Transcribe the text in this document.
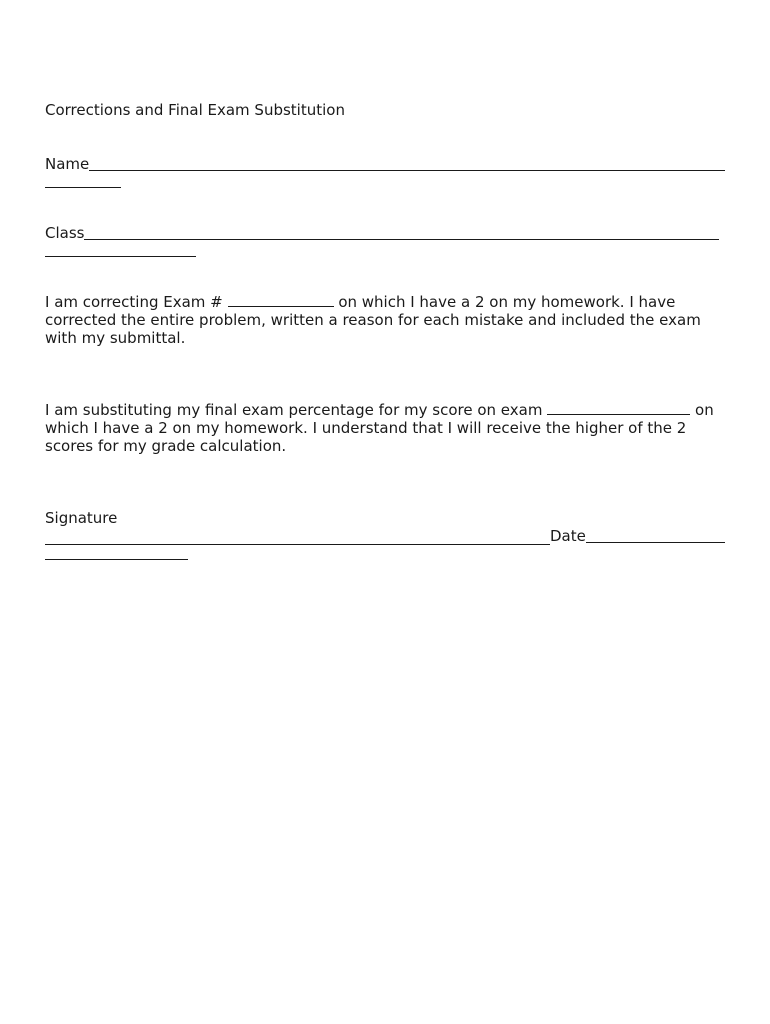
Corrections and Final Exam Substitution
Name
Class
I am correcting Exam #	on which I have a 2 on my homework. I have corrected the entire problem, written a reason for each mistake and included the exam with my submittal.
I am substituting my final exam percentage for my score on exam	on which I have a 2 on my homework. I understand that I will receive the higher of the 2 scores for my grade calculation.
Signature
Date
